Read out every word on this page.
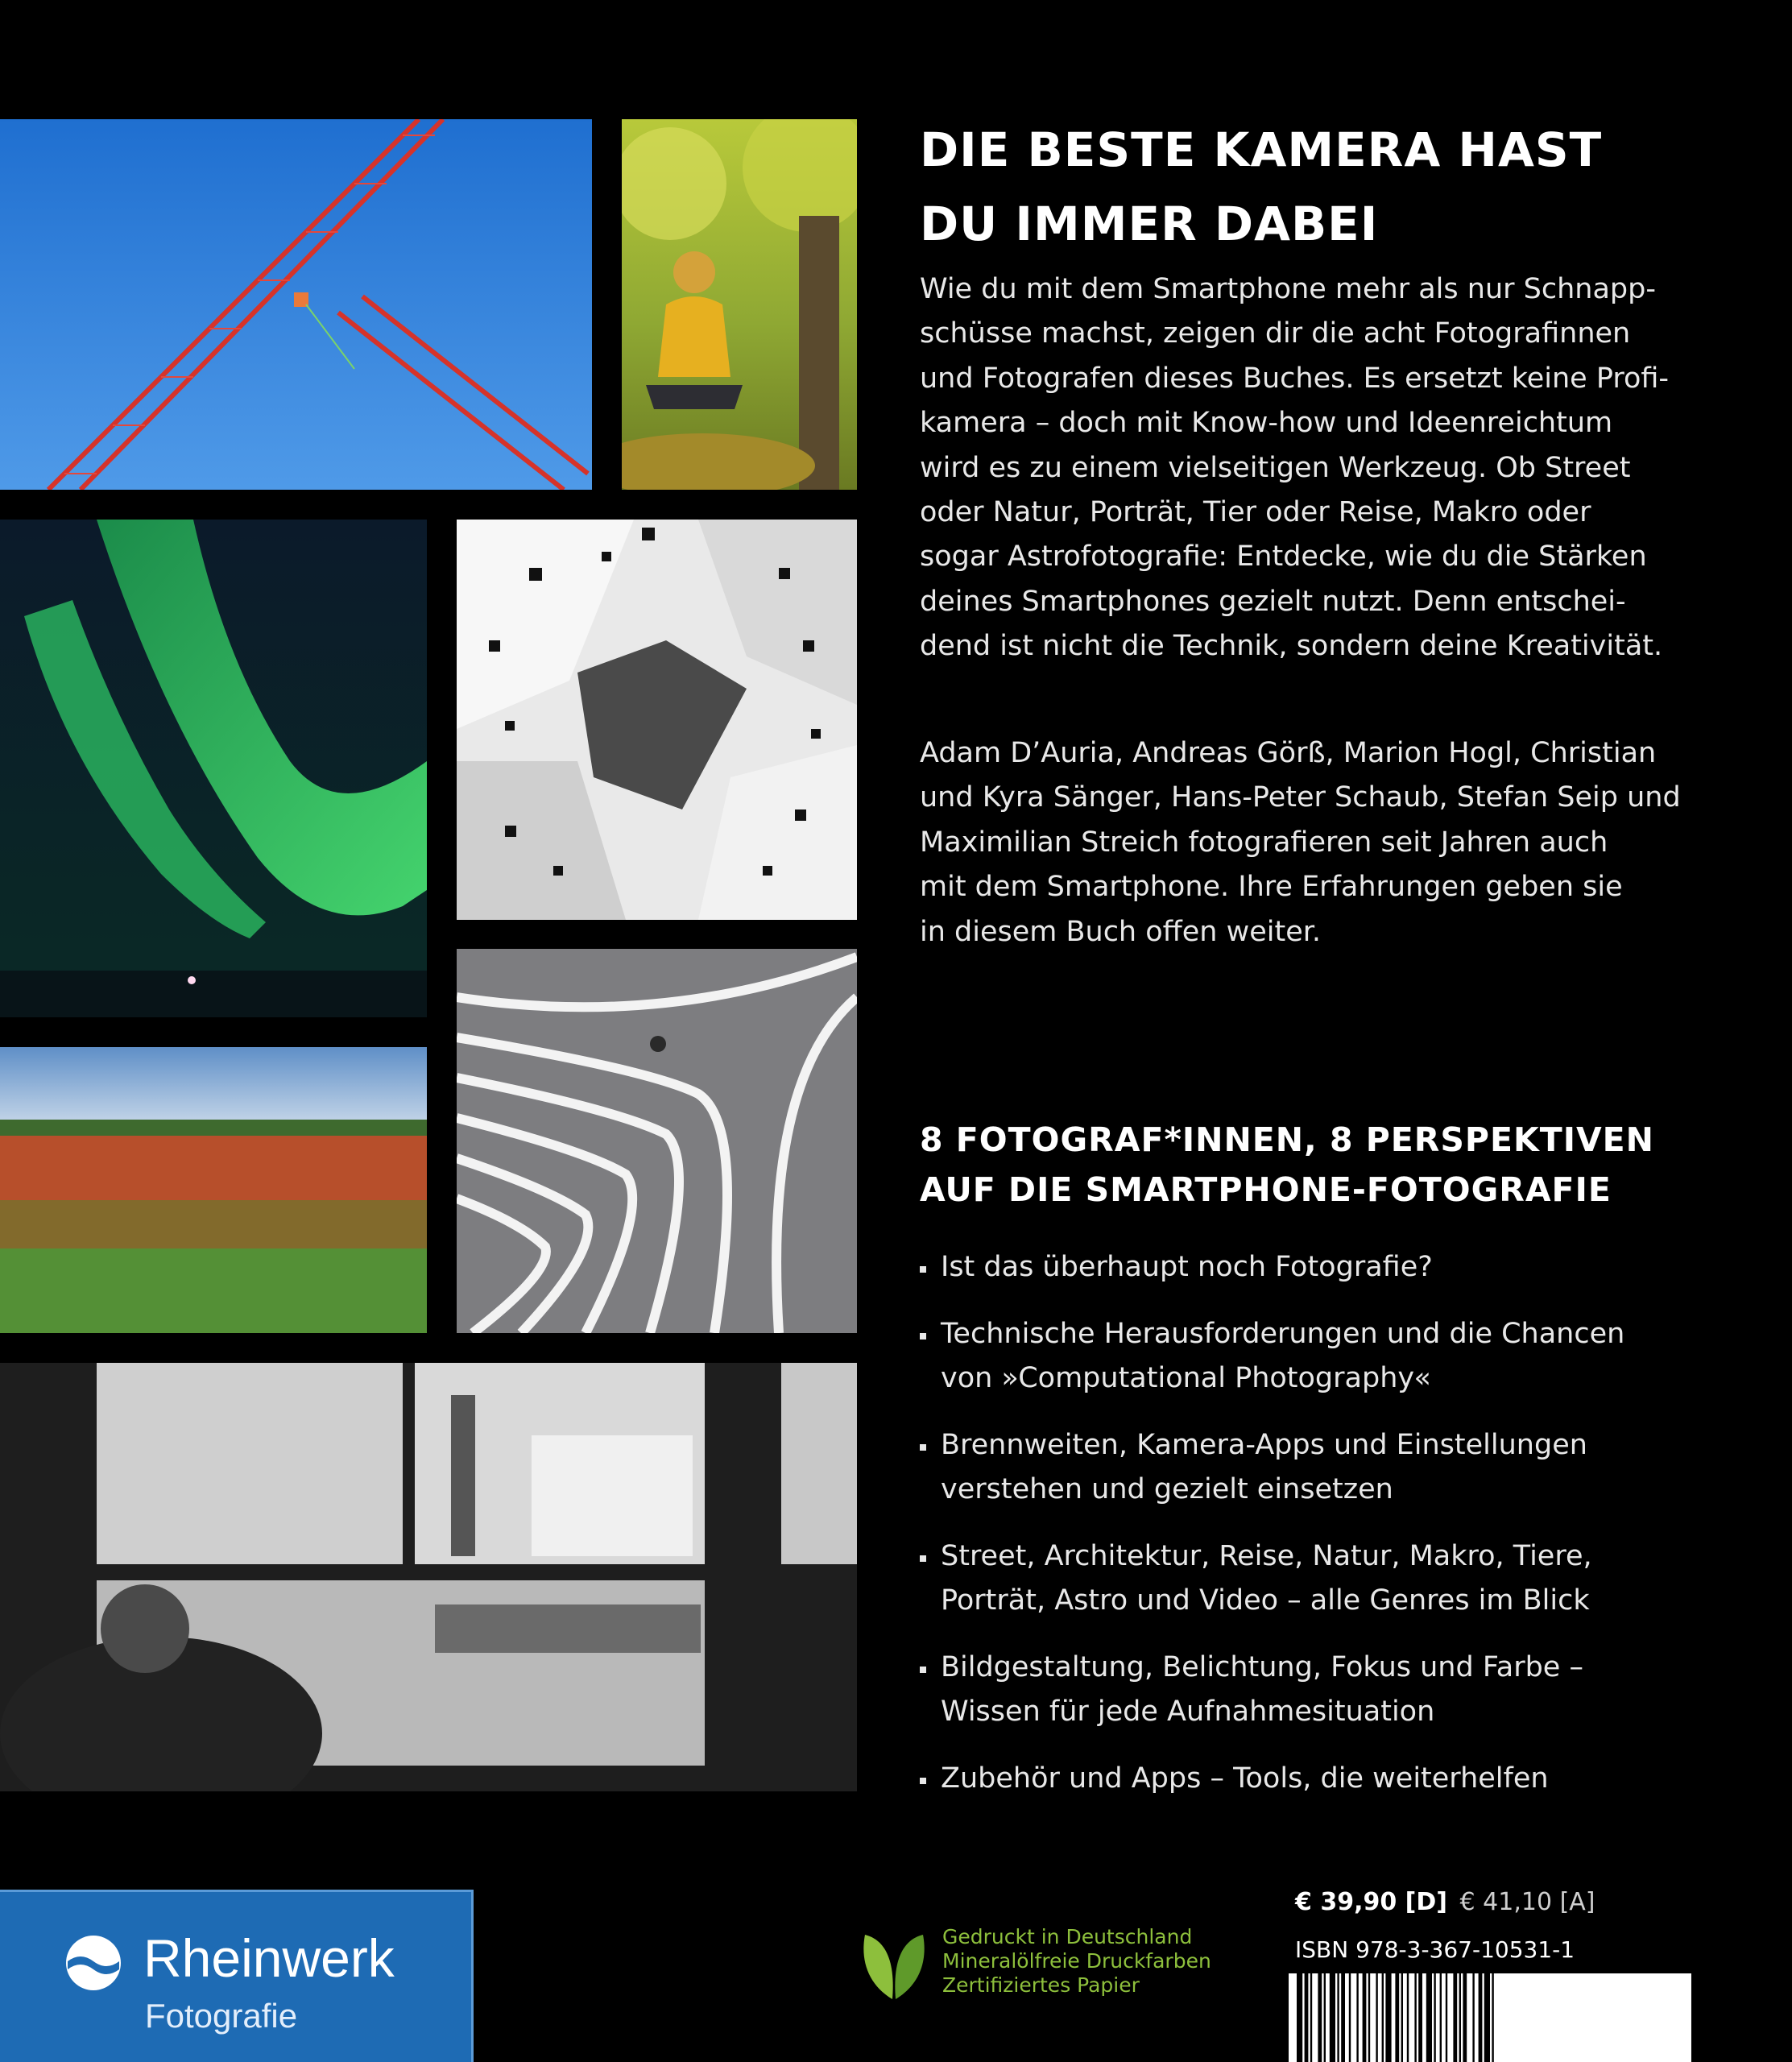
DIE BESTE KAMERA HAST
DU IMMER DABEI

Wie du mit dem Smartphone mehr als nur Schnapp-
schüsse machst, zeigen dir die acht Fotografinnen
und Fotografen dieses Buches. Es ersetzt keine Profi-
kamera – doch mit Know-how und Ideenreichtum
wird es zu einem vielseitigen Werkzeug. Ob Street
oder Natur, Porträt, Tier oder Reise, Makro oder
sogar Astrofotografie: Entdecke, wie du die Stärken
deines Smartphones gezielt nutzt. Denn entschei-
dend ist nicht die Technik, sondern deine Kreativität.

Adam D’Auria, Andreas Görß, Marion Hogl, Christian
und Kyra Sänger, Hans-Peter Schaub, Stefan Seip und
Maximilian Streich fotografieren seit Jahren auch
mit dem Smartphone. Ihre Erfahrungen geben sie
in diesem Buch offen weiter.

8 FOTOGRAF*INNEN, 8 PERSPEKTIVEN
AUF DIE SMARTPHONE-FOTOGRAFIE
Ist das überhaupt noch Fotografie?
Technische Herausforderungen und die Chancen
von »Computational Photography«
Brennweiten, Kamera-Apps und Einstellungen
verstehen und gezielt einsetzen
Street, Architektur, Reise, Natur, Makro, Tiere,
Porträt, Astro und Video – alle Genres im Blick
Bildgestaltung, Belichtung, Fokus und Farbe –
Wissen für jede Aufnahmesituation
Zubehör und Apps – Tools, die weiterhelfen
Rheinwerk
Fotografie
Gedruckt in Deutschland
Mineralölfreie Druckfarben
Zertifiziertes Papier
€ 39,90 [D] € 41,10 [A]
ISBN 978-3-367-10531-1
